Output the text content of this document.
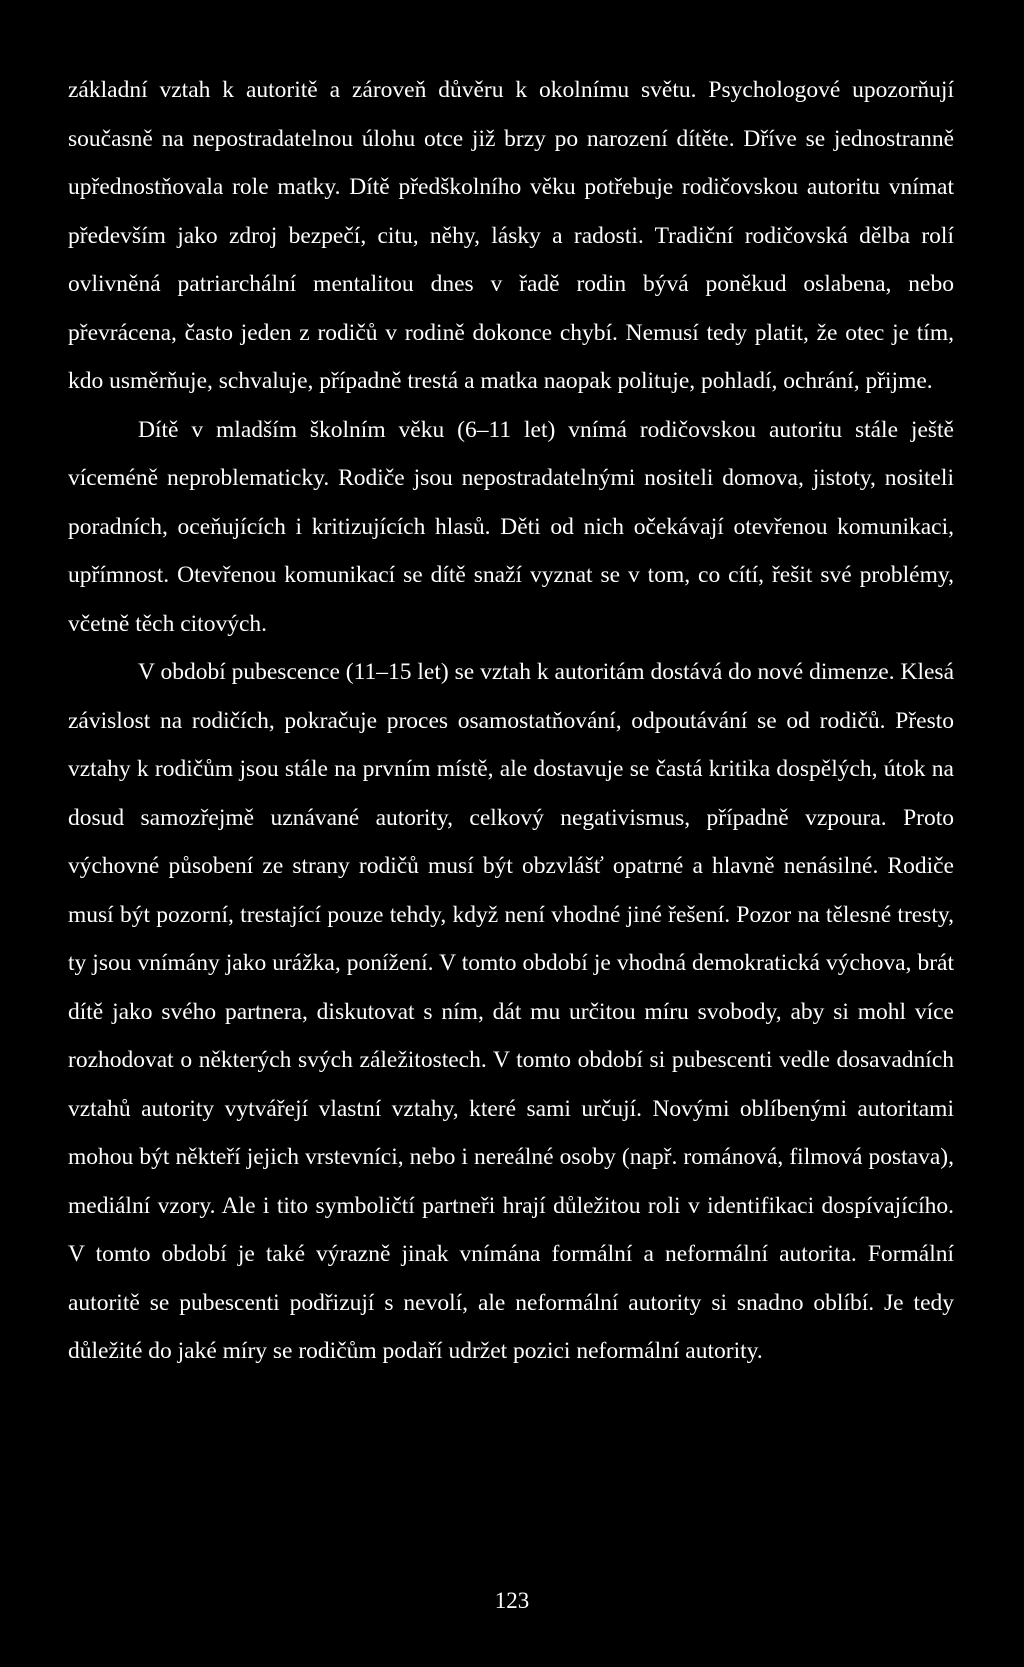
základní vztah k autoritě a zároveň důvěru k okolnímu světu. Psychologové upozorňují současně na nepostradatelnou úlohu otce již brzy po narození dítěte. Dříve se jednostranně upřednostňovala role matky. Dítě předškolního věku potřebuje rodičovskou autoritu vnímat především jako zdroj bezpečí, citu, něhy, lásky a radosti. Tradiční rodičovská dělba rolí ovlivněná patriarchální mentalitou dnes v řadě rodin bývá poněkud oslabena, nebo převrácena, často jeden z rodičů v rodině dokonce chybí. Nemusí tedy platit, že otec je tím, kdo usměrňuje, schvaluje, případně trestá a matka naopak polituje, pohladí, ochrání, přijme.

Dítě v mladším školním věku (6–11 let) vnímá rodičovskou autoritu stále ještě víceméně neproblematicky. Rodiče jsou nepostradatelnými nositeli domova, jistoty, nositeli poradních, oceňujících i kritizujících hlasů. Děti od nich očekávají otevřenou komunikaci, upřímnost. Otevřenou komunikací se dítě snaží vyznat se v tom, co cítí, řešit své problémy, včetně těch citových.

V období pubescence (11–15 let) se vztah k autoritám dostává do nové dimenze. Klesá závislost na rodičích, pokračuje proces osamostatňování, odpoutávání se od rodičů. Přesto vztahy k rodičům jsou stále na prvním místě, ale dostavuje se častá kritika dospělých, útok na dosud samozřejmě uznávané autority, celkový negativismus, případně vzpoura. Proto výchovné působení ze strany rodičů musí být obzvlášť opatrné a hlavně nenásilné. Rodiče musí být pozorní, trestající pouze tehdy, když není vhodné jiné řešení. Pozor na tělesné tresty, ty jsou vnímány jako urážka, ponížení. V tomto období je vhodná demokratická výchova, brát dítě jako svého partnera, diskutovat s ním, dát mu určitou míru svobody, aby si mohl více rozhodovat o některých svých záležitostech. V tomto období si pubescenti vedle dosavadních vztahů autority vytvářejí vlastní vztahy, které sami určují. Novými oblíbenými autoritami mohou být někteří jejich vrstevníci, nebo i nereálné osoby (např. románová, filmová postava), mediální vzory. Ale i tito symboličtí partneři hrají důležitou roli v identifikaci dospívajícího. V tomto období je také výrazně jinak vnímána formální a neformální autorita. Formální autoritě se pubescenti podřizují s nevolí, ale neformální autority si snadno oblíbí. Je tedy důležité do jaké míry se rodičům podaří udržet pozici neformální autority.

123
